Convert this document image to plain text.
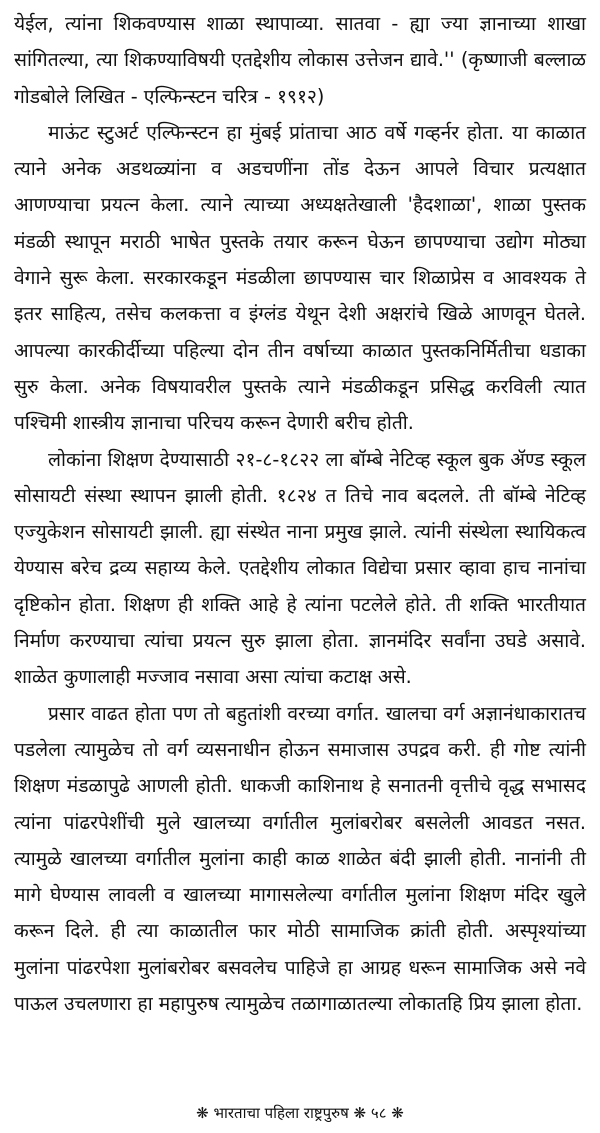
येईल, त्यांना शिकवण्यास शाळा स्थापाव्या. सातवा - ह्या ज्या ज्ञानाच्या शाखा सांगितल्या, त्या शिकण्याविषयी एतद्देशीय लोकास उत्तेजन द्यावे.'' (कृष्णाजी बल्लाळ गोडबोले लिखित - एल्फिन्स्टन चरित्र - १९१२)

माऊंट स्टुअर्ट एल्फिन्स्टन हा मुंबई प्रांताचा आठ वर्षे गव्हर्नर होता. या काळात त्याने अनेक अडथळ्यांना व अडचणींना तोंड देऊन आपले विचार प्रत्यक्षात आणण्याचा प्रयत्न केला. त्याने त्याच्या अध्यक्षतेखाली 'हैदशाळा', शाळा पुस्तक मंडळी स्थापून मराठी भाषेत पुस्तके तयार करून घेऊन छापण्याचा उद्योग मोठ्या वेगाने सुरू केला. सरकारकडून मंडळीला छापण्यास चार शिळाप्रेस व आवश्यक ते इतर साहित्य, तसेच कलकत्ता व इंग्लंड येथून देशी अक्षरांचे खिळे आणवून घेतले. आपल्या कारकीर्दीच्या पहिल्या दोन तीन वर्षाच्या काळात पुस्तकनिर्मितीचा धडाका सुरु केला. अनेक विषयावरील पुस्तके त्याने मंडळीकडून प्रसिद्ध करविली त्यात पश्चिमी शास्त्रीय ज्ञानाचा परिचय करून देणारी बरीच होती.

लोकांना शिक्षण देण्यासाठी २१-८-१८२२ ला बॉम्बे नेटिव्ह स्कूल बुक ॲण्ड स्कूल सोसायटी संस्था स्थापन झाली होती. १८२४ त तिचे नाव बदलले. ती बॉम्बे नेटिव्ह एज्युकेशन सोसायटी झाली. ह्या संस्थेत नाना प्रमुख झाले. त्यांनी संस्थेला स्थायिकत्व येण्यास बरेच द्रव्य सहाय्य केले. एतद्देशीय लोकात विद्येचा प्रसार व्हावा हाच नानांचा दृष्टिकोन होता. शिक्षण ही शक्ति आहे हे त्यांना पटलेले होते. ती शक्ति भारतीयात निर्माण करण्याचा त्यांचा प्रयत्न सुरु झाला होता. ज्ञानमंदिर सर्वांना उघडे असावे. शाळेत कुणालाही मज्जाव नसावा असा त्यांचा कटाक्ष असे.

प्रसार वाढत होता पण तो बहुतांशी वरच्या वर्गात. खालचा वर्ग अज्ञानंधाकारातच पडलेला त्यामुळेच तो वर्ग व्यसनाधीन होऊन समाजास उपद्रव करी. ही गोष्ट त्यांनी शिक्षण मंडळापुढे आणली होती. धाकजी काशिनाथ हे सनातनी वृत्तीचे वृद्ध सभासद त्यांना पांढरपेशींची मुले खालच्या वर्गातील मुलांबरोबर बसलेली आवडत नसत. त्यामुळे खालच्या वर्गातील मुलांना काही काळ शाळेत बंदी झाली होती. नानांनी ती मागे घेण्यास लावली व खालच्या मागासलेल्या वर्गातील मुलांना शिक्षण मंदिर खुले करून दिले. ही त्या काळातील फार मोठी सामाजिक क्रांती होती. अस्पृश्यांच्या मुलांना पांढरपेशा मुलांबरोबर बसवलेच पाहिजे हा आग्रह धरून सामाजिक असे नवे पाऊल उचलणारा हा महापुरुष त्यामुळेच तळागाळातल्या लोकातहि प्रिय झाला होता.

❋ भारताचा पहिला राष्ट्रपुरुष ❋ ५८ ❋
